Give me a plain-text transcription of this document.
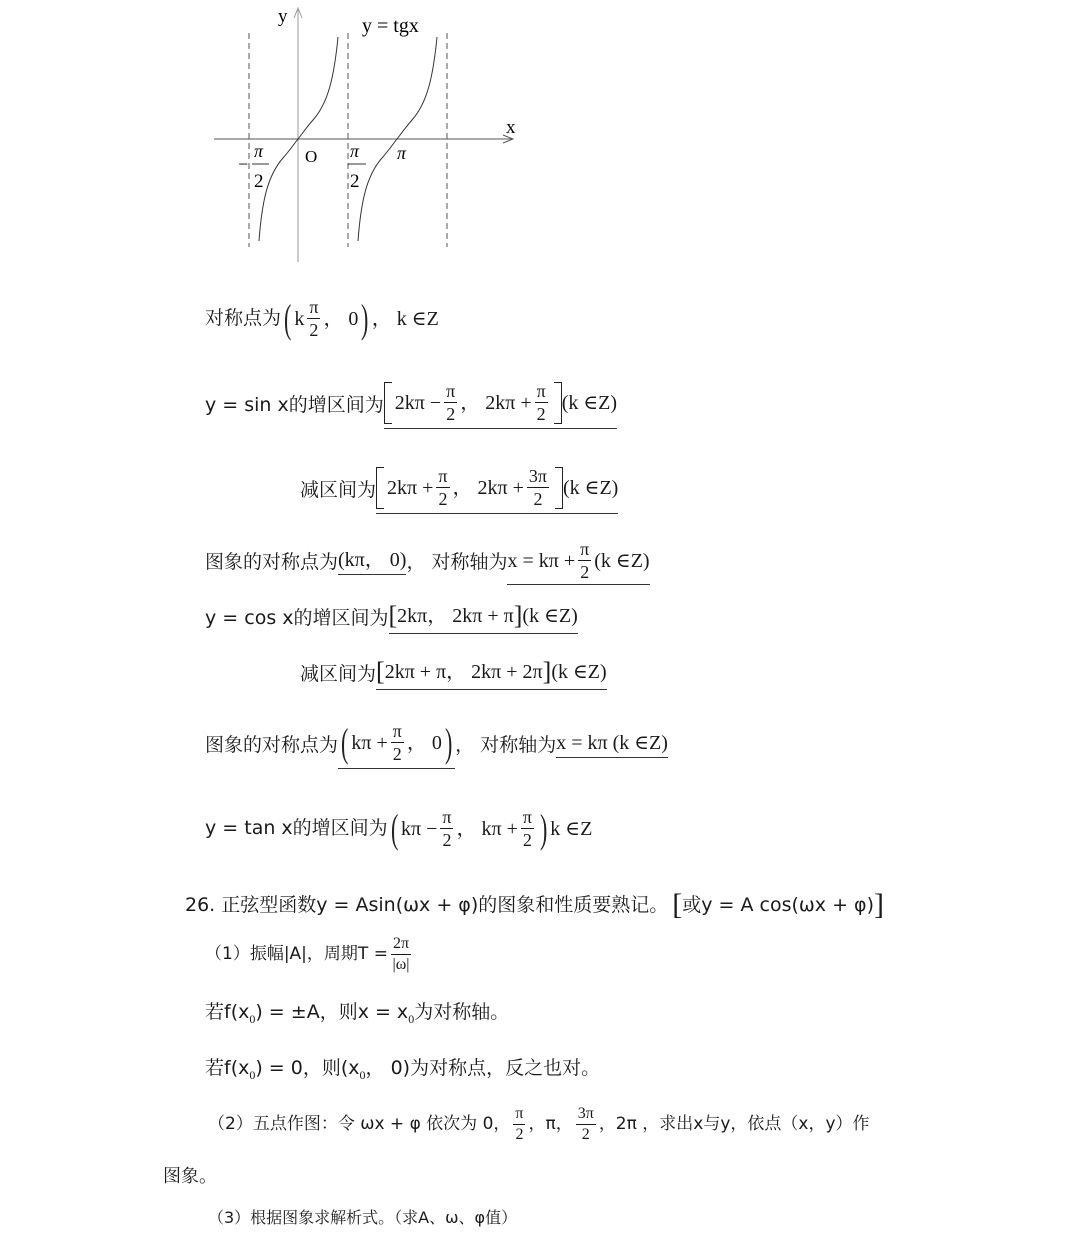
y	y = tgx
x
O
−
π
2
π
2
π
对称点为 ( k $\frac{\pi}{2}$ ， 0 ) ， k ∈Z
y = sin x的增区间为 $2k\pi - \frac{\pi}{2}$ ， $2k\pi + \frac{\pi}{2} (k$ ∈Z)
减区间为 $2k\pi + \frac{\pi}{2}$ ， $2k\pi + \frac{3\pi}{2} (k$ ∈Z)
图象的对称点为 (kπ， 0) ， 对称轴为 $x = k\pi + \frac{\pi}{2} (k$ ∈Z)
y = cos x的增区间为 [ 2kπ， 2kπ + π ] (k ∈Z)
减区间为 [ 2kπ + π， 2kπ + 2π ] (k ∈Z)
图象的对称点为 ( $k\pi + \frac{\pi}{2}$ ， 0 ) ， 对称轴为 x = kπ (k ∈Z)
y = tan x的增区间为 ( $k\pi - \frac{\pi}{2}$ ， $k\pi + \frac{\pi}{2}$ ) k ∈Z
26. 正弦型函数y = Asin(ωx + φ)的图象和性质要熟记。 [ 或y = A cos(ωx + φ) ]
（1）振幅|A|，周期$T = \frac{2\pi}{|\omega|}$
若f(x 0 ) = ±A，则x = x 0 为对称轴。
若f(x 0 ) = 0，则(x 0 ， 0)为对称点，反之也对。
（2）五点作图：令 ωx + φ 依次为 0， $\frac{\pi}{2}$ ，π， $\frac{3\pi}{2}$ ，2π ，求出x与y，依点（x，y）作
图象。
（3）根据图象求解析式。（求A、ω、φ值）
